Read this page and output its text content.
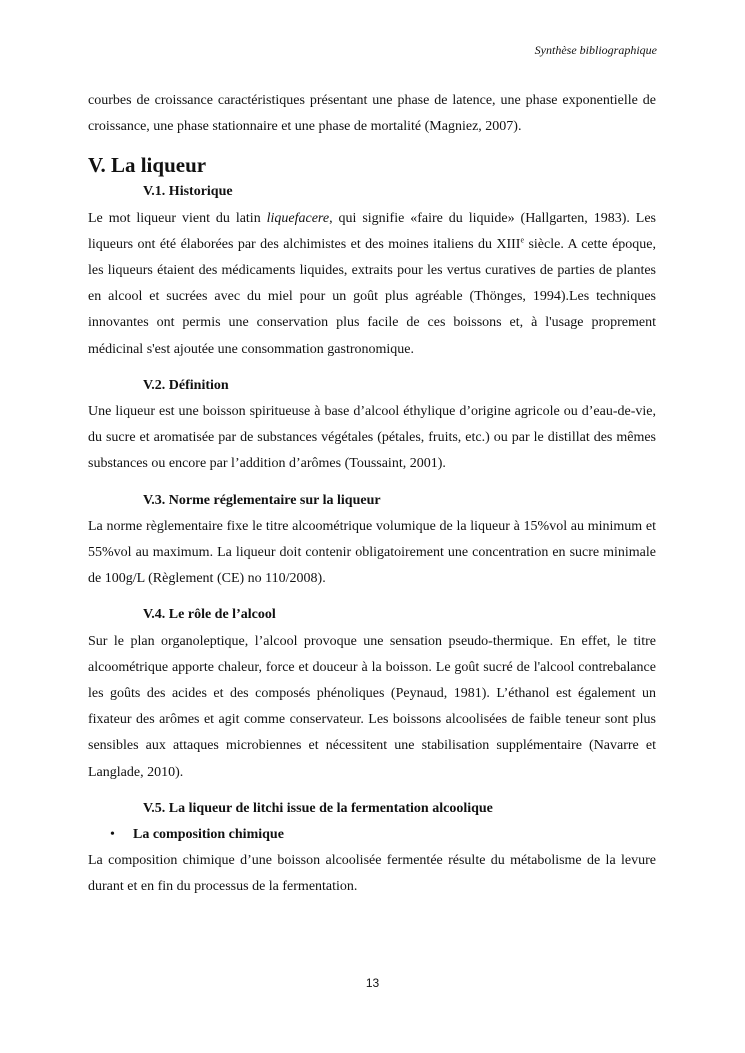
Synthèse bibliographique

courbes de croissance caractéristiques présentant une phase de latence, une phase exponentielle de croissance, une phase stationnaire et une phase de mortalité (Magniez, 2007).

V. La liqueur
V.1. Historique

Le mot liqueur vient du latin liquefacere, qui signifie «faire du liquide» (Hallgarten, 1983). Les liqueurs ont été élaborées par des alchimistes et des moines italiens du XIIIe siècle. A cette époque, les liqueurs étaient des médicaments liquides, extraits pour les vertus curatives de parties de plantes en alcool et sucrées avec du miel pour un goût plus agréable (Thönges, 1994).Les techniques innovantes ont permis une conservation plus facile de ces boissons et, à l'usage proprement médicinal s'est ajoutée une consommation gastronomique.

V.2. Définition

Une liqueur est une boisson spiritueuse à base d’alcool éthylique d’origine agricole ou d’eau-de-vie, du sucre et aromatisée par de substances végétales (pétales, fruits, etc.) ou par le distillat des mêmes substances ou encore par l’addition d’arômes (Toussaint, 2001).

V.3. Norme réglementaire sur la liqueur

La norme règlementaire fixe le titre alcoométrique volumique de la liqueur à 15%vol au minimum et 55%vol au maximum. La liqueur doit contenir obligatoirement une concentration en sucre minimale de 100g/L (Règlement (CE) no 110/2008).

V.4. Le rôle de l’alcool

Sur le plan organoleptique, l’alcool provoque une sensation pseudo-thermique. En effet, le titre alcoométrique apporte chaleur, force et douceur à la boisson. Le goût sucré de l'alcool contrebalance les goûts des acides et des composés phénoliques (Peynaud, 1981). L’éthanol est également un fixateur des arômes et agit comme conservateur. Les boissons alcoolisées de faible teneur sont plus sensibles aux attaques microbiennes et nécessitent une stabilisation supplémentaire (Navarre et Langlade, 2010).

V.5. La liqueur de litchi issue de la fermentation alcoolique
• La composition chimique

La composition chimique d’une boisson alcoolisée fermentée résulte du métabolisme de la levure durant et en fin du processus de la fermentation.

13
